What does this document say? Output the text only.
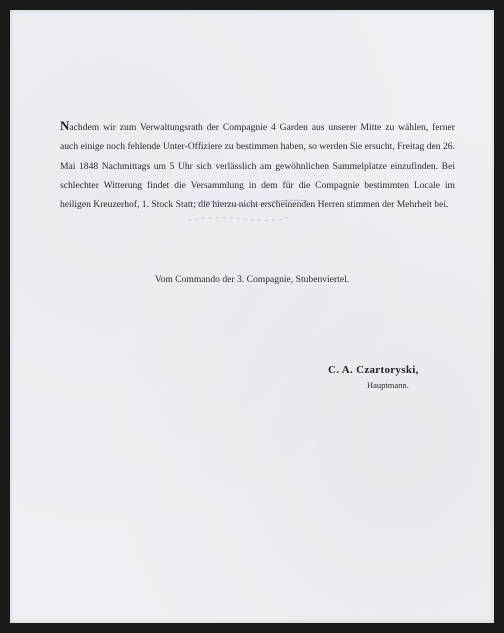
Nachdem wir zum Verwaltungsrath der Compagnie 4 Garden aus unserer Mitte zu wählen, ferner auch einige noch fehlende Unter-Offiziere zu bestimmen haben, so werden Sie ersucht, Freitag den 26. Mai 1848 Nachmittags um 5 Uhr sich verlässlich am gewöhnlichen Sammelplatze einzufinden. Bei schlechter Witterung findet die Versammlung in dem für die Compagnie bestimmten Locale im heiligen Kreuzerhof, 1. Stock Statt; die hierzu nicht erscheinenden Herren stimmen der Mehrheit bei.
Vom Commando der 3. Compagnie, Stubenviertel.
C. A. Czartoryski,
Hauptmann.
